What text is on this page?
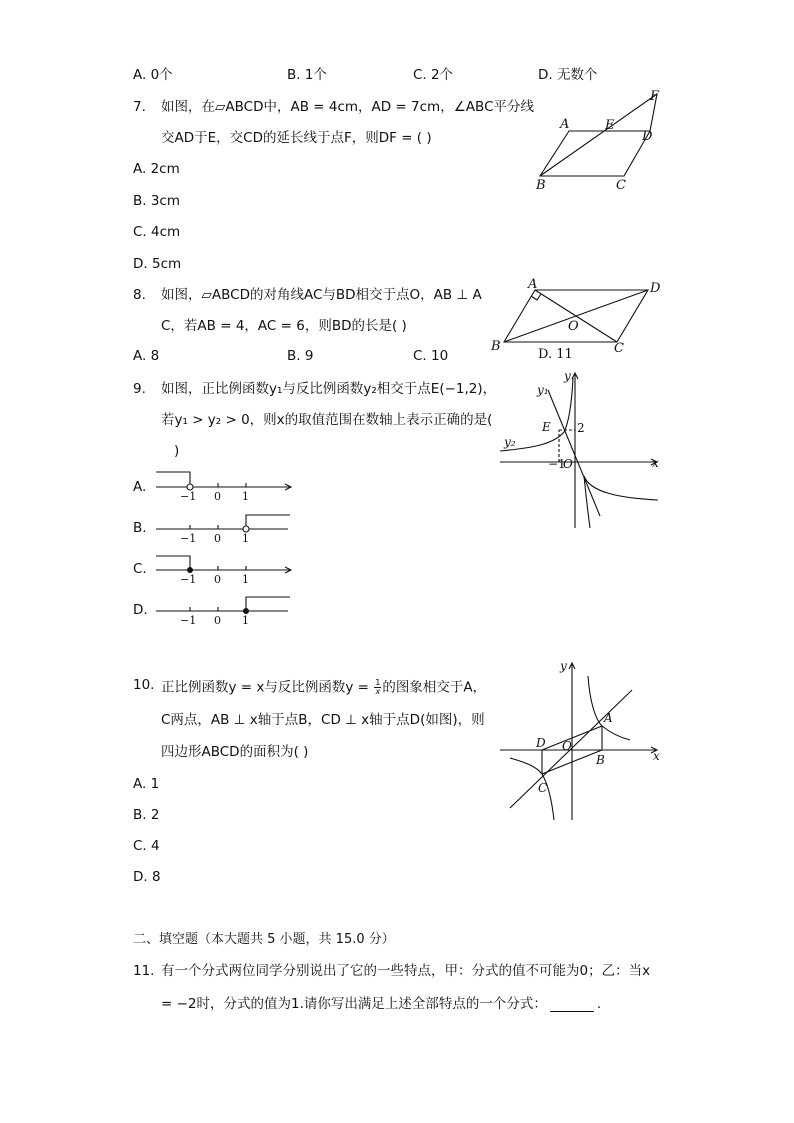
A. 0个	B. 1个	C. 2个	D. 无数个
7. 如图，在▱ABCD中，AB = 4cm，AD = 7cm，∠ABC平分线
交AD于E，交CD的延长线于点F，则DF = ( )
A. 2cm
B. 3cm
C. 4cm
D. 5cm
A	E
D
F
B	C
8. 如图，▱ABCD的对角线AC与BD相交于点O，AB ⊥ A
C，若AB = 4，AC = 6，则BD的长是( )
A. 8	B. 9	C. 10
A	D
O
B	C
D. 11
9. 如图，正比例函数y₁与反比例函数y₂相交于点E(−1,2)，
若y₁ > y₂ > 0，则x的取值范围在数轴上表示正确的是(
)
A.
−1 0 1
B.
−1 0 1
C.
−1 0 1
D.
−1 0 1
y₁
y₂
y
x
E 2
−1
O
10. 正比例函数y = x与反比例函数$y = \frac{1}{x}$ 的图象相交于A，
C两点，AB ⊥ x轴于点B，CD ⊥ x轴于点D(如图)，则
四边形ABCD的面积为( )
A. 1
B. 2
C. 4
D. 8
y
x
A
B
C
D O
二、填空题（本大题共 5 小题，共 15.0 分）
11. 有一个分式两位同学分别说出了它的一些特点，甲：分式的值不可能为0；乙：当x
= −2时，分式的值为1.请你写出满足上述全部特点的一个分式：	.
